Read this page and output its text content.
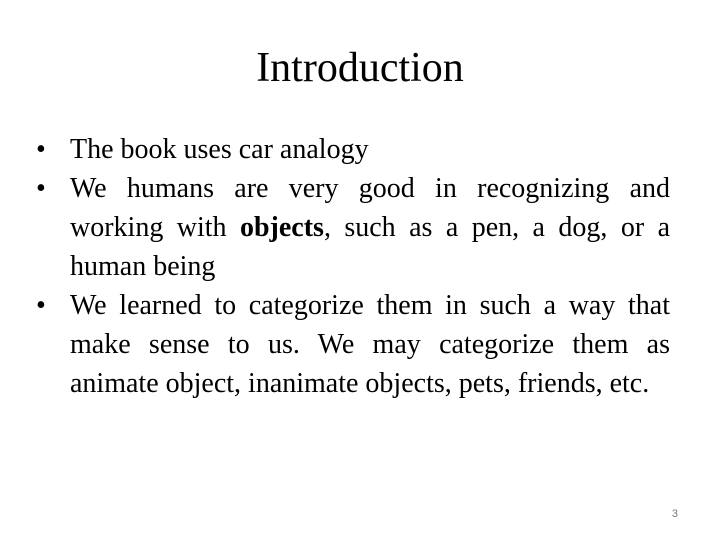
Introduction
• The book uses car analogy
• We humans are very good in recognizing and working with objects, such as a pen, a dog, or a human being
• We learned to categorize them in such a way that make sense to us. We may categorize them as animate object, inanimate objects, pets, friends, etc.
3
